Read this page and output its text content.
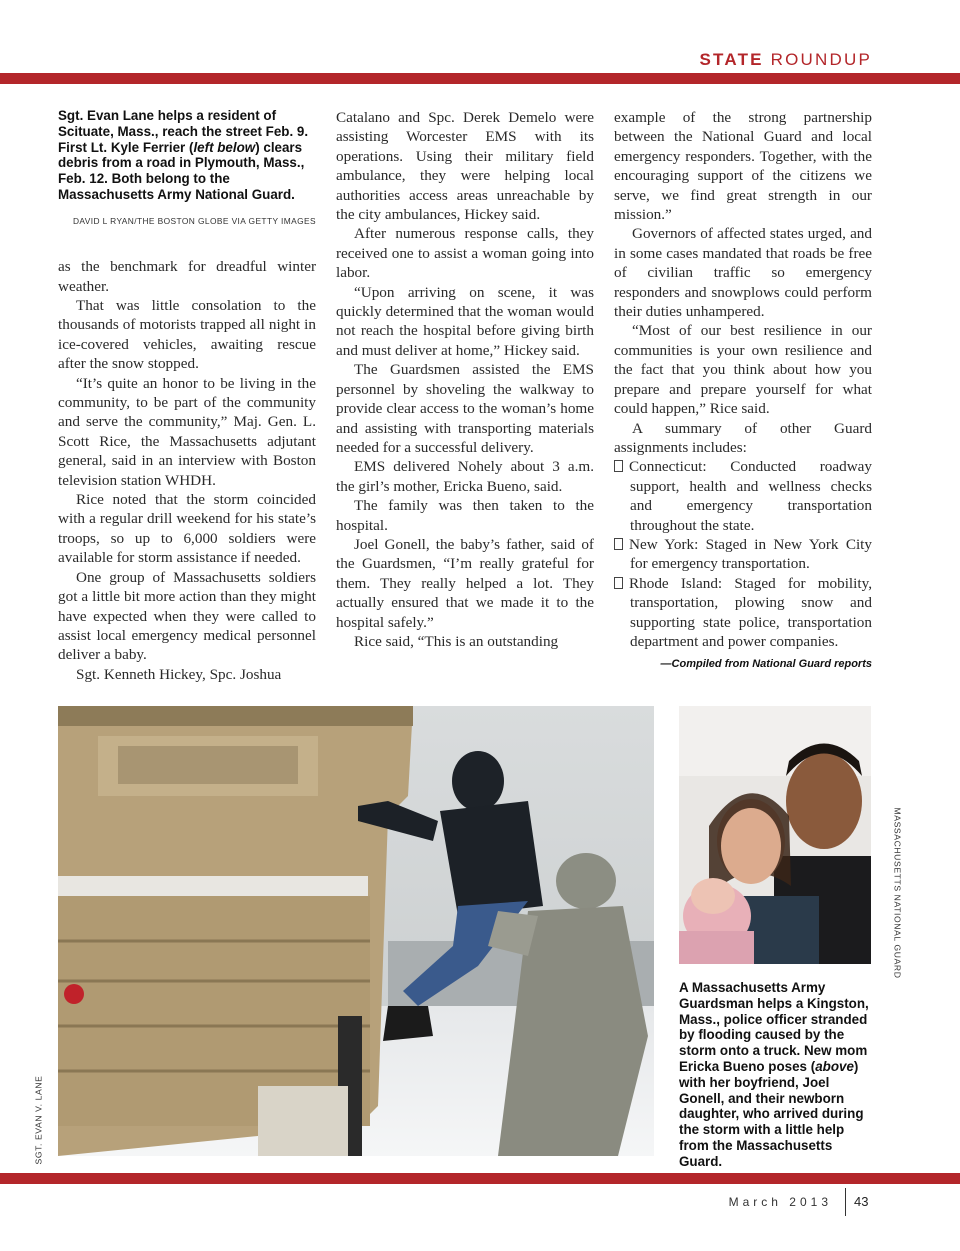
STATE ROUNDUP
Sgt. Evan Lane helps a resident of Scituate, Mass., reach the street Feb. 9. First Lt. Kyle Ferrier (left below) clears debris from a road in Plymouth, Mass., Feb. 12. Both belong to the Massachusetts Army National Guard.
DAVID L RYAN/THE BOSTON GLOBE VIA GETTY IMAGES

as the benchmark for dreadful winter weather.

That was little consolation to the thousands of motorists trapped all night in ice-covered vehicles, awaiting rescue after the snow stopped.

“It’s quite an honor to be living in the community, to be part of the community and serve the community,” Maj. Gen. L. Scott Rice, the Massachusetts adjutant general, said in an interview with Boston television station WHDH.

Rice noted that the storm coincided with a regular drill weekend for his state’s troops, so up to 6,000 soldiers were available for storm assistance if needed.

One group of Massachusetts soldiers got a little bit more action than they might have expected when they were called to assist local emergency medical personnel deliver a baby.

Sgt. Kenneth Hickey, Spc. Joshua

Catalano and Spc. Derek Demelo were assisting Worcester EMS with its operations. Using their military field ambulance, they were helping local authorities access areas unreachable by the city ambulances, Hickey said.

After numerous response calls, they received one to assist a woman going into labor.

“Upon arriving on scene, it was quickly determined that the woman would not reach the hospital before giving birth and must deliver at home,” Hickey said.

The Guardsmen assisted the EMS personnel by shoveling the walkway to provide clear access to the woman’s home and assisting with transporting materials needed for a successful delivery.

EMS delivered Nohely about 3 a.m. the girl’s mother, Ericka Bueno, said.

The family was then taken to the hospital.

Joel Gonell, the baby’s father, said of the Guardsmen, “I’m really grateful for them. They really helped a lot. They actually ensured that we made it to the hospital safely.”

Rice said, “This is an outstanding

example of the strong partnership between the National Guard and local emergency responders. Together, with the encouraging support of the citizens we serve, we find great strength in our mission.”

Governors of affected states urged, and in some cases mandated that roads be free of civilian traffic so emergency responders and snowplows could perform their duties unhampered.

“Most of our best resilience in our communities is your own resilience and the fact that you think about how you prepare and prepare yourself for what could happen,” Rice said.

A summary of other Guard assignments includes:

Connecticut: Conducted roadway support, health and wellness checks and emergency transportation throughout the state.
New York: Staged in New York City for emergency transportation.
Rhode Island: Staged for mobility, transportation, plowing snow and supporting state police, transportation department and power companies.
—Compiled from National Guard reports
SGT. EVAN V. LANE
MASSACHUSETTS NATIONAL GUARD
A Massachusetts Army Guardsman helps a Kingston, Mass., police officer stranded by flooding caused by the storm onto a truck. New mom Ericka Bueno poses (above) with her boyfriend, Joel Gonell, and their newborn daughter, who arrived during the storm with a little help from the Massachusetts Guard.
March 2013 43
